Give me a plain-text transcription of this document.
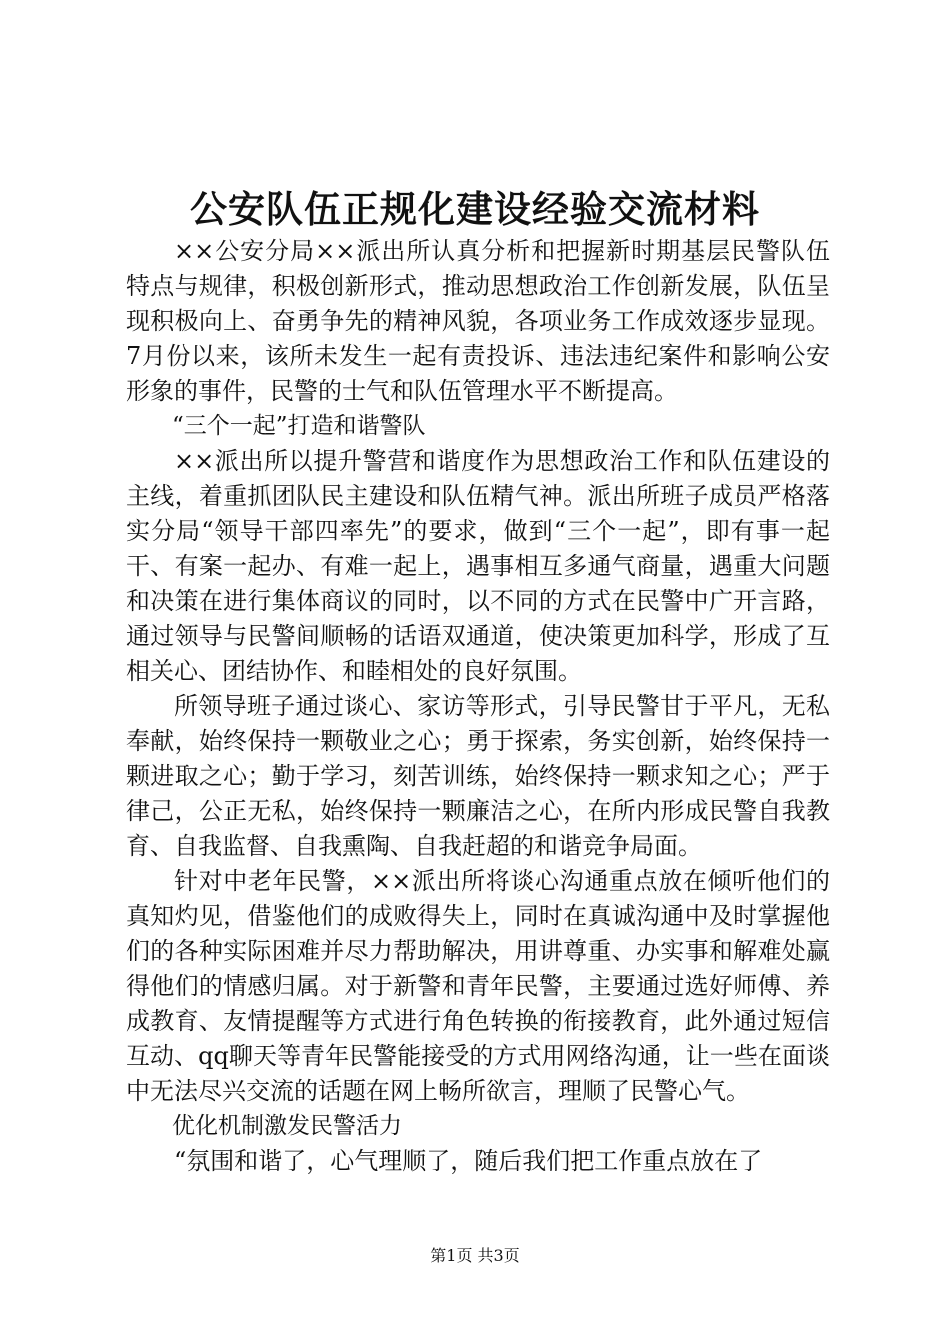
公安队伍正规化建设经验交流材料

××公安分局××派出所认真分析和把握新时期基层民警队伍特点与规律，积极创新形式，推动思想政治工作创新发展，队伍呈现积极向上、奋勇争先的精神风貌，各项业务工作成效逐步显现。7月份以来，该所未发生一起有责投诉、违法违纪案件和影响公安形象的事件，民警的士气和队伍管理水平不断提高。

“三个一起”打造和谐警队

××派出所以提升警营和谐度作为思想政治工作和队伍建设的主线，着重抓团队民主建设和队伍精气神。派出所班子成员严格落实分局“领导干部四率先”的要求，做到“三个一起”，即有事一起干、有案一起办、有难一起上，遇事相互多通气商量，遇重大问题和决策在进行集体商议的同时，以不同的方式在民警中广开言路，通过领导与民警间顺畅的话语双通道，使决策更加科学，形成了互相关心、团结协作、和睦相处的良好氛围。

所领导班子通过谈心、家访等形式，引导民警甘于平凡，无私奉献，始终保持一颗敬业之心；勇于探索，务实创新，始终保持一颗进取之心；勤于学习，刻苦训练，始终保持一颗求知之心；严于律己，公正无私，始终保持一颗廉洁之心，在所内形成民警自我教育、自我监督、自我熏陶、自我赶超的和谐竞争局面。

针对中老年民警，××派出所将谈心沟通重点放在倾听他们的真知灼见，借鉴他们的成败得失上，同时在真诚沟通中及时掌握他们的各种实际困难并尽力帮助解决，用讲尊重、办实事和解难处赢得他们的情感归属。对于新警和青年民警，主要通过选好师傅、养成教育、友情提醒等方式进行角色转换的衔接教育，此外通过短信互动、qq聊天等青年民警能接受的方式用网络沟通，让一些在面谈中无法尽兴交流的话题在网上畅所欲言，理顺了民警心气。

优化机制激发民警活力

“氛围和谐了，心气理顺了，随后我们把工作重点放在了

第1页 共3页
